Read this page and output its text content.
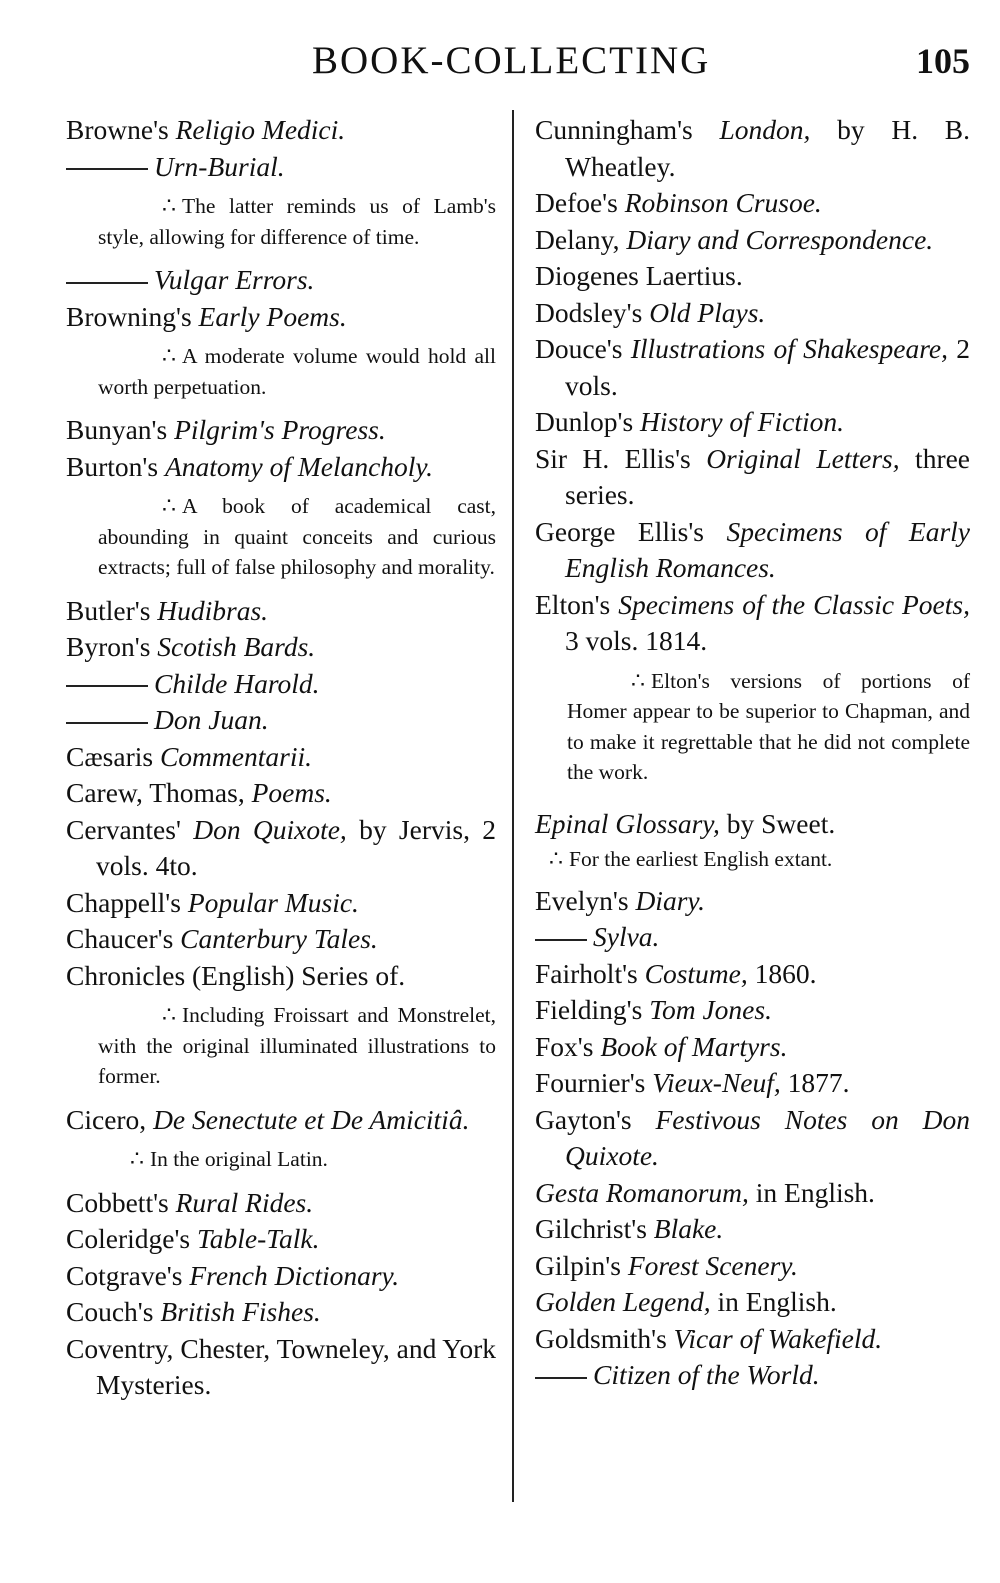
BOOK-COLLECTING	105

Browne's Religio Medici.

Urn-Burial.

∴ The latter reminds us of Lamb's style, allowing for difference of time.

Vulgar Errors.

Browning's Early Poems.

∴ A moderate volume would hold all worth perpetuation.

Bunyan's Pilgrim's Progress.

Burton's Anatomy of Melancholy.

∴ A book of academical cast, abounding in quaint conceits and curious extracts; full of false philosophy and morality.

Butler's Hudibras.

Byron's Scotish Bards.

Childe Harold.

Don Juan.

Cæsaris Commentarii.

Carew, Thomas, Poems.

Cervantes' Don Quixote, by Jervis, 2 vols. 4to.

Chappell's Popular Music.

Chaucer's Canterbury Tales.

Chronicles (English) Series of.

∴ Including Froissart and Monstrelet, with the original illuminated illustrations to former.

Cicero, De Senectute et De Amicitiâ.

∴ In the original Latin.

Cobbett's Rural Rides.

Coleridge's Table-Talk.

Cotgrave's French Dictionary.

Couch's British Fishes.

Coventry, Chester, Towneley, and York Mysteries.

Cunningham's London, by H. B. Wheatley.

Defoe's Robinson Crusoe.

Delany, Diary and Correspondence.

Diogenes Laertius.

Dodsley's Old Plays.

Douce's Illustrations of Shakespeare, 2 vols.

Dunlop's History of Fiction.

Sir H. Ellis's Original Letters, three series.

George Ellis's Specimens of Early English Romances.

Elton's Specimens of the Classic Poets, 3 vols. 1814.

∴ Elton's versions of portions of Homer appear to be superior to Chapman, and to make it regrettable that he did not complete the work.

Epinal Glossary, by Sweet.

∴ For the earliest English extant.

Evelyn's Diary.

Sylva.

Fairholt's Costume, 1860.

Fielding's Tom Jones.

Fox's Book of Martyrs.

Fournier's Vieux-Neuf, 1877.

Gayton's Festivous Notes on Don Quixote.

Gesta Romanorum, in English.

Gilchrist's Blake.

Gilpin's Forest Scenery.

Golden Legend, in English.

Goldsmith's Vicar of Wakefield.

Citizen of the World.
